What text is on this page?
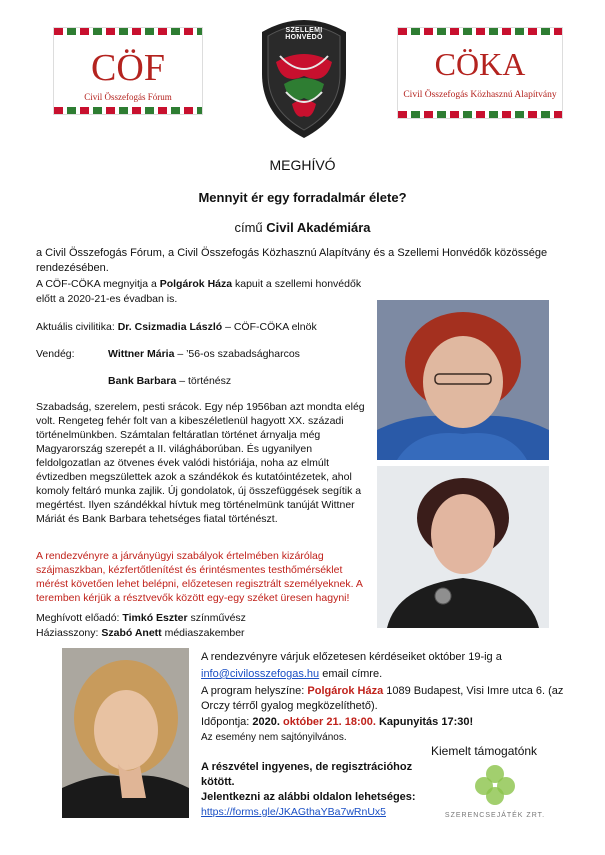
CÖF
Civil Összefogás Fórum
SZELLEMI HONVÉDŐ
CÖKA
Civil Összefogás Közhasznú Alapítvány
MEGHÍVÓ
Mennyit ér egy forradalmár élete?
című Civil Akadémiára
a Civil Összefogás Fórum, a Civil Összefogás Közhasznú Alapítvány és a Szellemi Honvédők közössége
rendezésében.
A CÖF-CÖKA megnyitja a Polgárok Háza kapuit a szellemi honvédők
előtt a 2020-21-es évadban is.
Aktuális civilitika: Dr. Csizmadia László – CÖF-CÖKA elnök
Vendég:	Wittner Mária – ’56-os szabadságharcos
Bank Barbara – történész
Szabadság, szerelem, pesti srácok. Egy nép 1956ban azt mondta elég
volt. Rengeteg fehér folt van a kibeszéletlenül hagyott XX. századi
történelmünkben. Számtalan feltáratlan történet árnyalja még
Magyarország szerepét a II. világháborúban. És ugyanilyen
feldolgozatlan az ötvenes évek valódi históriája, noha az elmúlt
évtizedben megszülettek azok a szándékok és kutatóintézetek, ahol
komoly feltáró munka zajlik. Új gondolatok, új összefüggések segítik a
megértést. Ilyen szándékkal hívtuk meg történelmünk tanúját Wittner
Máriát és Bank Barbara tehetséges fiatal történészt.
A rendezvényre a járványügyi szabályok értelmében kizárólag
szájmaszkban, kézfertőtlenítést és érintésmentes testhőmérséklet
mérést követően lehet belépni, előzetesen regisztrált személyeknek. A
teremben kérjük a résztvevők között egy-egy széket üresen hagyni!
Meghívott előadó: Timkó Eszter színművész
Háziasszony: Szabó Anett médiaszakember
A rendezvényre várjuk előzetesen kérdéseiket október 19-ig a
info@civilosszefogas.hu email címre.
A program helyszíne: Polgárok Háza 1089 Budapest, Visi Imre utca 6. (az
Orczy térről gyalog megközelíthető).
Időpontja: 2020. október 21. 18:00. Kapunyitás 17:30!
Az esemény nem sajtónyilvános.
A részvétel ingyenes, de regisztrációhoz
kötött.
Jelentkezni az alábbi oldalon lehetséges:
https://forms.gle/JKAGthaYBa7wRnUx5
Kiemelt támogatónk
SZERENCSEJÁTÉK ZRT.
